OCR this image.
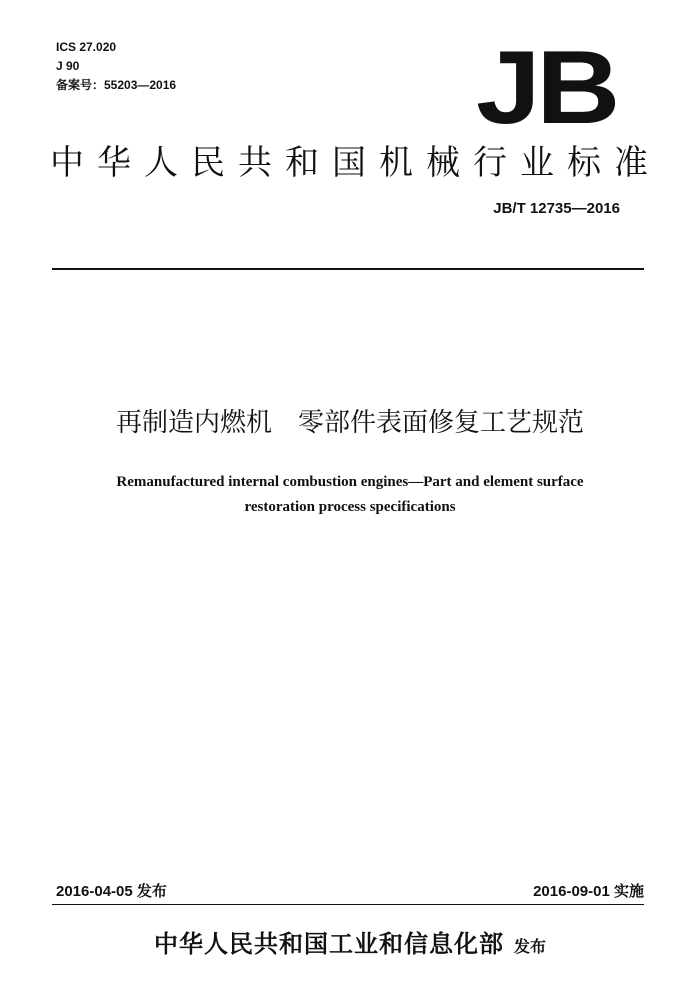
ICS 27.020
J 90
备案号：55203—2016	JB
中华人民共和国机械行业标准
JB/T 12735—2016
再制造内燃机　零部件表面修复工艺规范
Remanufactured internal combustion engines—Part and element surface
restoration process specifications
2016-04-05 发布	2016-09-01 实施
中华人民共和国工业和信息化部 发布
